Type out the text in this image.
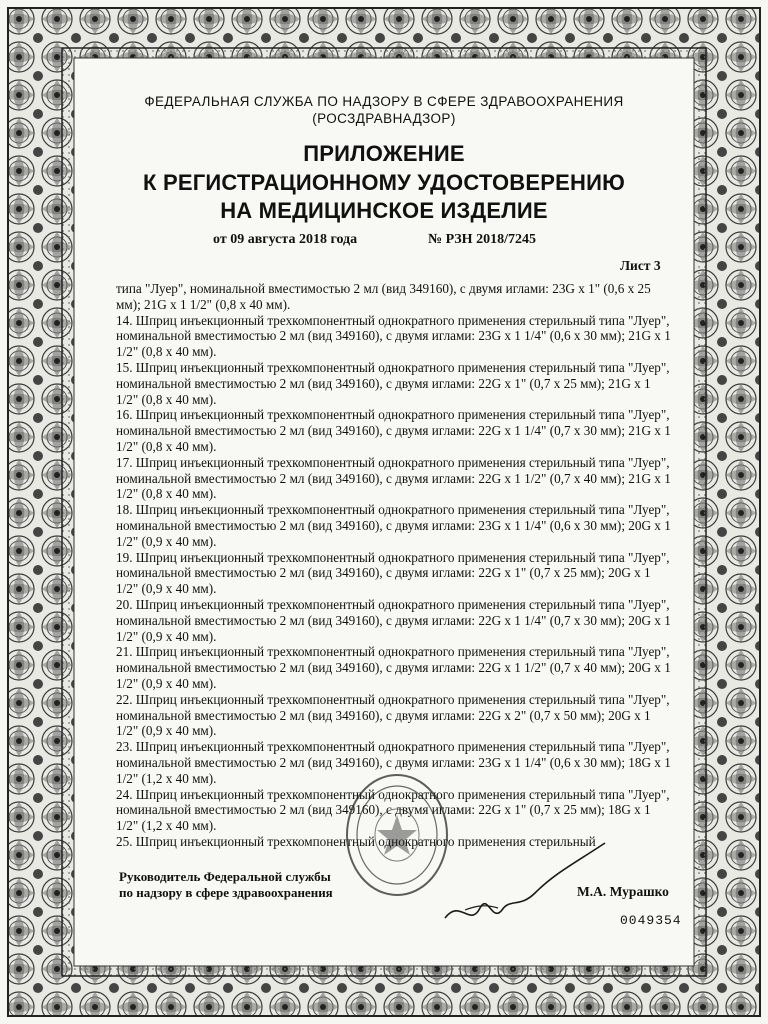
ФЕДЕРАЛЬНАЯ СЛУЖБА ПО НАДЗОРУ В СФЕРЕ ЗДРАВООХРАНЕНИЯ
(РОСЗДРАВНАДЗОР)
ПРИЛОЖЕНИЕ
К РЕГИСТРАЦИОННОМУ УДОСТОВЕРЕНИЮ
НА МЕДИЦИНСКОЕ ИЗДЕЛИЕ
от 09 августа 2018 года	№ РЗН 2018/7245
Лист 3

типа "Луер", номинальной вместимостью 2 мл (вид 349160), с двумя иглами: 23G х 1" (0,6 х 25 мм); 21G х 1 1/2" (0,8 х 40 мм).

14. Шприц инъекционный трехкомпонентный однократного применения стерильный типа "Луер", номинальной вместимостью 2 мл (вид 349160), с двумя иглами: 23G х 1 1/4" (0,6 х 30 мм); 21G х 1 1/2" (0,8 х 40 мм).

15. Шприц инъекционный трехкомпонентный однократного применения стерильный типа "Луер", номинальной вместимостью 2 мл (вид 349160), с двумя иглами: 22G х 1" (0,7 х 25 мм); 21G х 1 1/2" (0,8 х 40 мм).

16. Шприц инъекционный трехкомпонентный однократного применения стерильный типа "Луер", номинальной вместимостью 2 мл (вид 349160), с двумя иглами: 22G х 1 1/4" (0,7 х 30 мм); 21G х 1 1/2" (0,8 х 40 мм).

17. Шприц инъекционный трехкомпонентный однократного применения стерильный типа "Луер", номинальной вместимостью 2 мл (вид 349160), с двумя иглами: 22G х 1 1/2" (0,7 х 40 мм); 21G х 1 1/2" (0,8 х 40 мм).

18. Шприц инъекционный трехкомпонентный однократного применения стерильный типа "Луер", номинальной вместимостью 2 мл (вид 349160), с двумя иглами: 23G х 1 1/4" (0,6 х 30 мм); 20G х 1 1/2" (0,9 х 40 мм).

19. Шприц инъекционный трехкомпонентный однократного применения стерильный типа "Луер", номинальной вместимостью 2 мл (вид 349160), с двумя иглами: 22G х 1" (0,7 х 25 мм); 20G х 1 1/2" (0,9 х 40 мм).

20. Шприц инъекционный трехкомпонентный однократного применения стерильный типа "Луер", номинальной вместимостью 2 мл (вид 349160), с двумя иглами: 22G х 1 1/4" (0,7 х 30 мм); 20G х 1 1/2" (0,9 х 40 мм).

21. Шприц инъекционный трехкомпонентный однократного применения стерильный типа "Луер", номинальной вместимостью 2 мл (вид 349160), с двумя иглами: 22G х 1 1/2" (0,7 х 40 мм); 20G х 1 1/2" (0,9 х 40 мм).

22. Шприц инъекционный трехкомпонентный однократного применения стерильный типа "Луер", номинальной вместимостью 2 мл (вид 349160), с двумя иглами: 22G х 2" (0,7 х 50 мм); 20G х 1 1/2" (0,9 х 40 мм).

23. Шприц инъекционный трехкомпонентный однократного применения стерильный типа "Луер", номинальной вместимостью 2 мл (вид 349160), с двумя иглами: 23G х 1 1/4" (0,6 х 30 мм); 18G х 1 1/2" (1,2 х 40 мм).

24. Шприц инъекционный трехкомпонентный однократного применения стерильный типа "Луер", номинальной вместимостью 2 мл (вид 349160), с двумя иглами: 22G х 1" (0,7 х 25 мм); 18G х 1 1/2" (1,2 х 40 мм).

25. Шприц инъекционный трехкомпонентный однократного применения стерильный

Руководитель Федеральной службы
по надзору в сфере здравоохранения	М.А. Мурашко
0049354
